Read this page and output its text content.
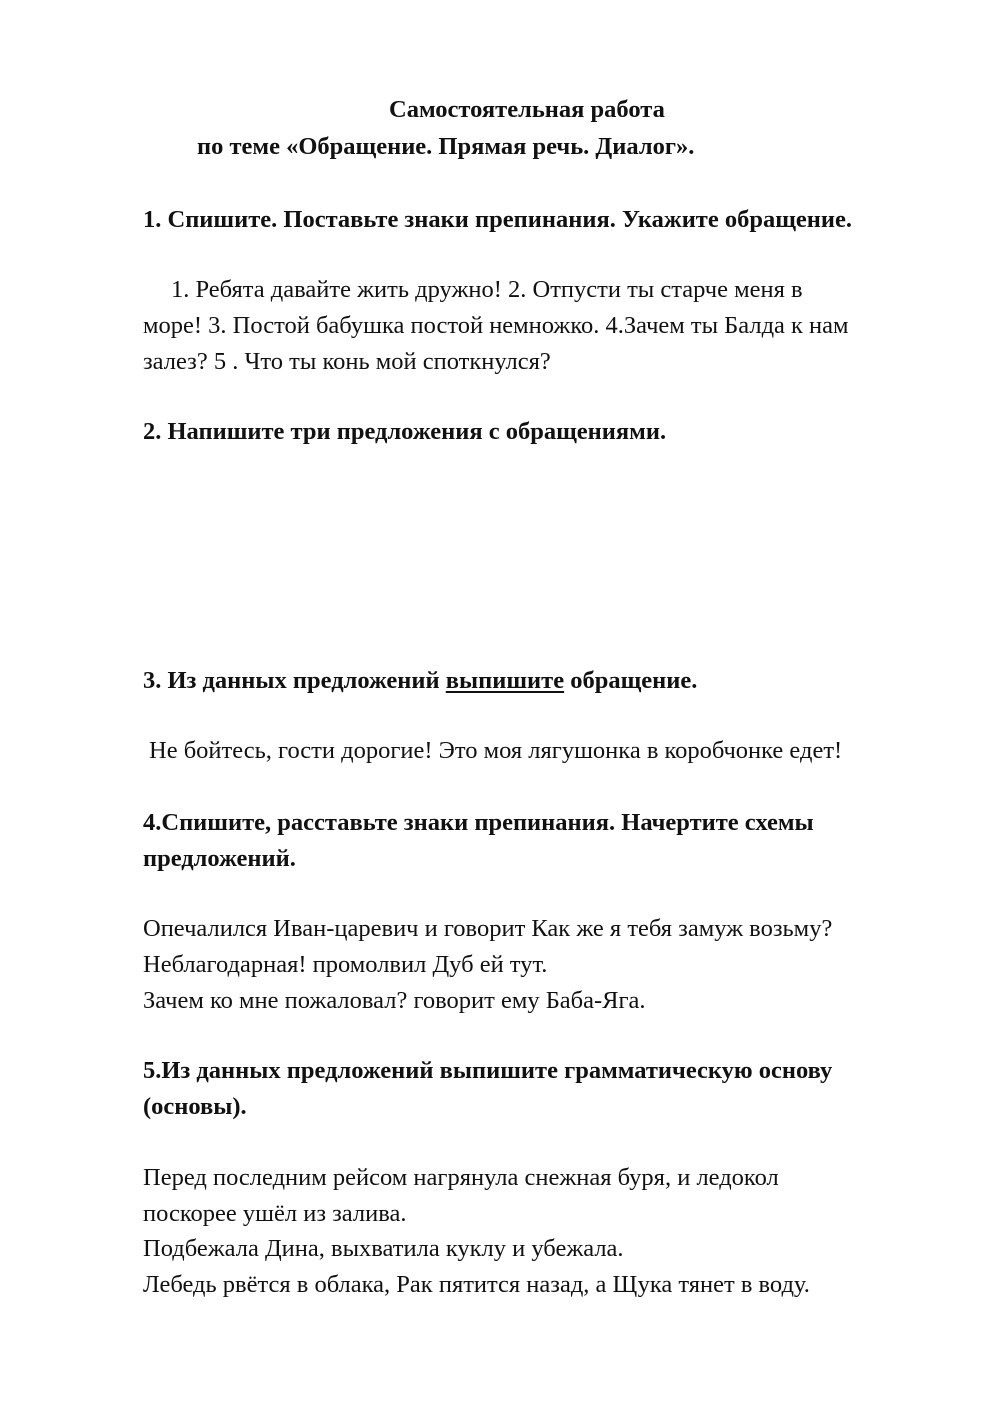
Самостоятельная работа
по теме «Обращение. Прямая речь. Диалог».
1. Спишите. Поставьте знаки препинания. Укажите обращение.
1. Ребята давайте жить дружно! 2. Отпусти ты старче меня в
море! 3. Постой бабушка постой немножко. 4.Зачем ты Балда к нам
залез? 5 . Что ты конь мой споткнулся?
2. Напишите три предложения с обращениями.
3. Из данных предложений выпишите обращение.
Не бойтесь, гости дорогие! Это моя лягушонка в коробчонке едет!
4.Спишите, расставьте знаки препинания. Начертите схемы
предложений.
Опечалился Иван-царевич и говорит Как же я тебя замуж возьму?
Неблагодарная! промолвил Дуб ей тут.
Зачем ко мне пожаловал? говорит ему Баба-Яга.
5.Из данных предложений выпишите грамматическую основу
(основы).
Перед последним рейсом нагрянула снежная буря, и ледокол
поскорее ушёл из залива.
Подбежала Дина, выхватила куклу и убежала.
Лебедь рвётся в облака, Рак пятится назад, а Щука тянет в воду.
